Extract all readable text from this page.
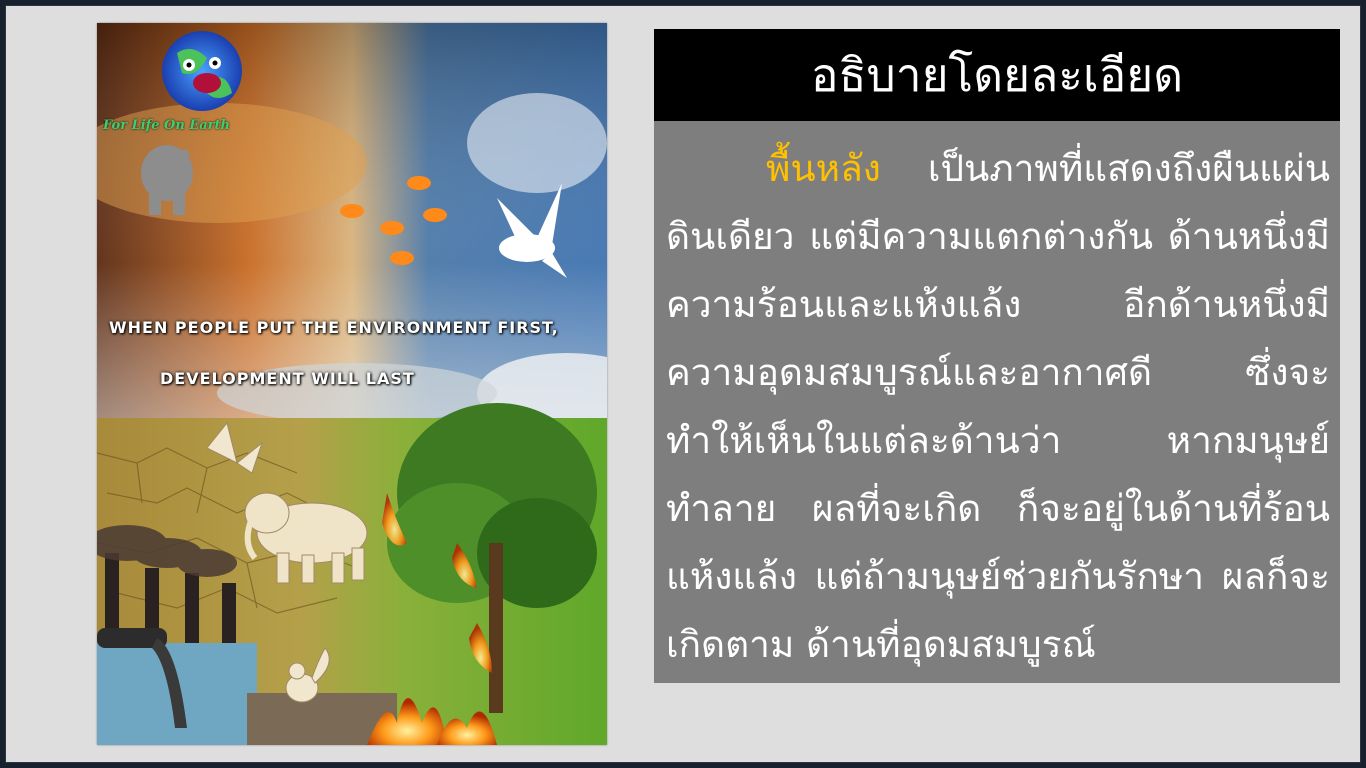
For Life On Earth
WHEN PEOPLE PUT THE ENVIRONMENT FIRST,
DEVELOPMENT WILL LAST
อธิบายโดยละเอียด
พื้นหลัง เป็นภาพที่แสดงถึงผืนแผ่นดินเดียว แต่มีความแตกต่างกัน ด้านหนึ่งมีความร้อนและแห้งแล้ง อีกด้านหนึ่งมีความอุดมสมบูรณ์และอากาศดี ซึ่งจะทำให้เห็นในแต่ละด้านว่า หากมนุษย์ทำลาย ผลที่จะเกิด ก็จะอยู่ในด้านที่ร้อนแห้งแล้ง แต่ถ้ามนุษย์ช่วยกันรักษา ผลก็จะเกิดตาม ด้านที่อุดมสมบูรณ์
